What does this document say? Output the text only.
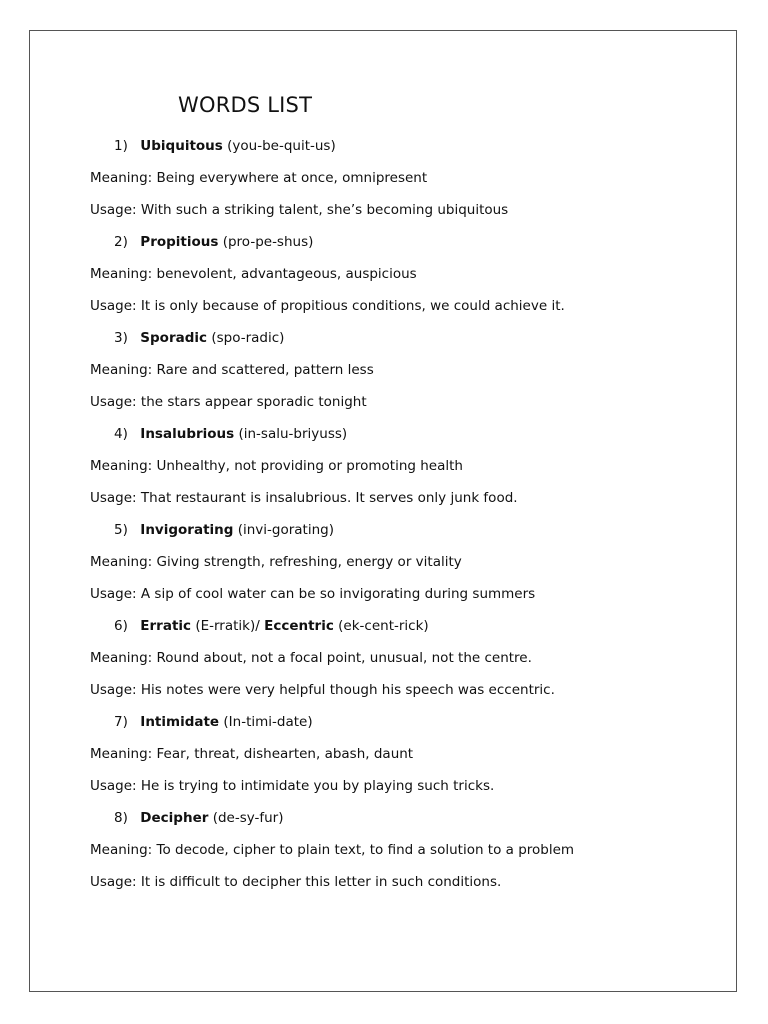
WORDS LIST
1) Ubiquitous (you-be-quit-us)
Meaning: Being everywhere at once, omnipresent
Usage: With such a striking talent, she’s becoming ubiquitous
2) Propitious (pro-pe-shus)
Meaning: benevolent, advantageous, auspicious
Usage: It is only because of propitious conditions, we could achieve it.
3) Sporadic (spo-radic)
Meaning: Rare and scattered, pattern less
Usage: the stars appear sporadic tonight
4) Insalubrious (in-salu-briyuss)
Meaning: Unhealthy, not providing or promoting health
Usage: That restaurant is insalubrious. It serves only junk food.
5) Invigorating (invi-gorating)
Meaning: Giving strength, refreshing, energy or vitality
Usage: A sip of cool water can be so invigorating during summers
6) Erratic (E-rratik)/ Eccentric (ek-cent-rick)
Meaning: Round about, not a focal point, unusual, not the centre.
Usage: His notes were very helpful though his speech was eccentric.
7) Intimidate (In-timi-date)
Meaning: Fear, threat, dishearten, abash, daunt
Usage: He is trying to intimidate you by playing such tricks.
8) Decipher (de-sy-fur)
Meaning: To decode, cipher to plain text, to find a solution to a problem
Usage: It is difficult to decipher this letter in such conditions.
